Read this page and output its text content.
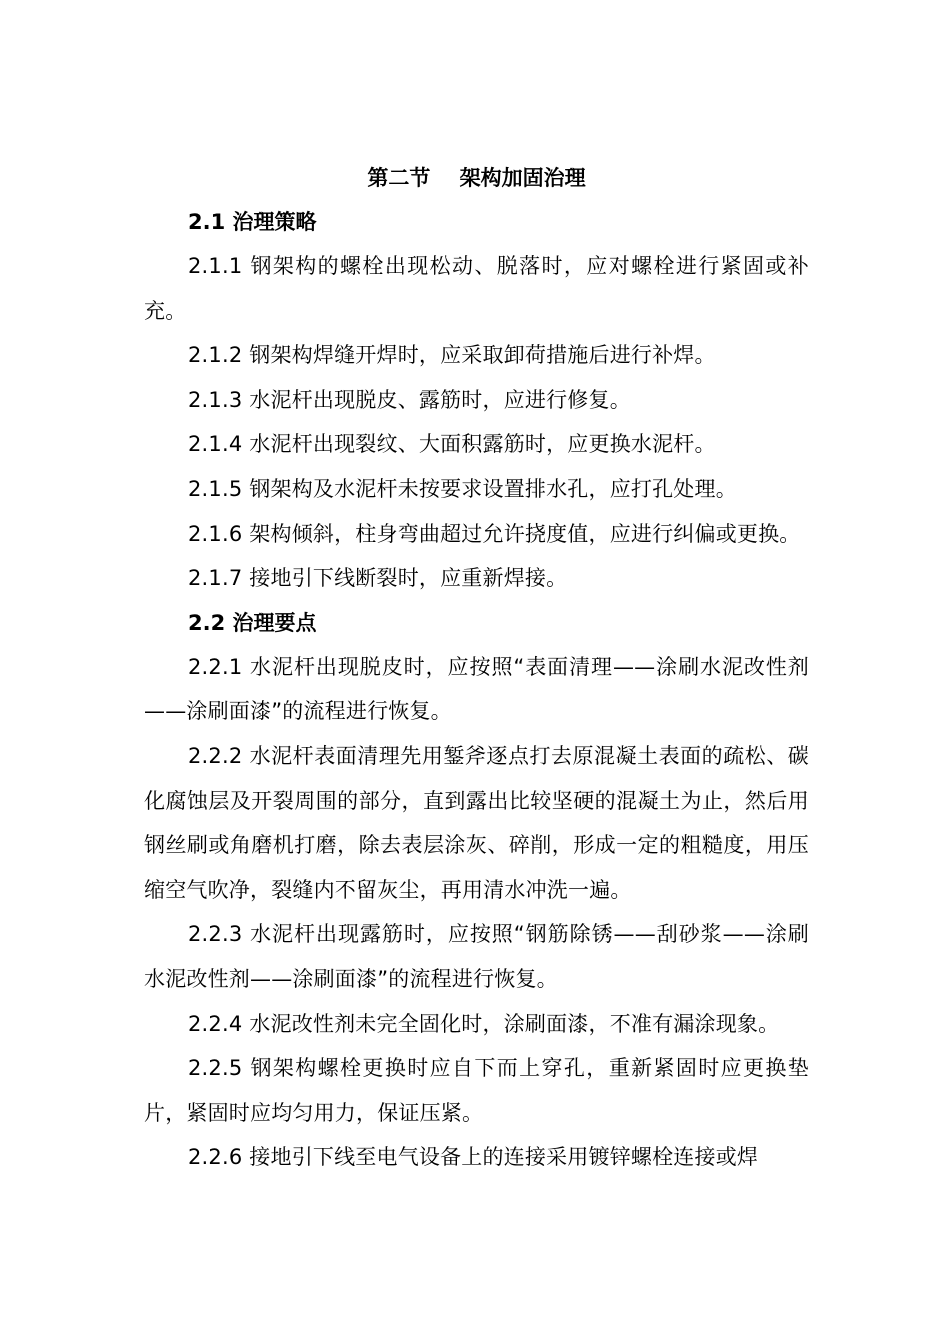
第二节    架构加固治理
2.1 治理策略

2.1.1 钢架构的螺栓出现松动、脱落时，应对螺栓进行紧固或补充。

2.1.2 钢架构焊缝开焊时，应采取卸荷措施后进行补焊。

2.1.3 水泥杆出现脱皮、露筋时，应进行修复。

2.1.4 水泥杆出现裂纹、大面积露筋时，应更换水泥杆。

2.1.5 钢架构及水泥杆未按要求设置排水孔，应打孔处理。

2.1.6 架构倾斜，柱身弯曲超过允许挠度值，应进行纠偏或更换。

2.1.7 接地引下线断裂时，应重新焊接。

2.2 治理要点

2.2.1 水泥杆出现脱皮时，应按照“表面清理——涂刷水泥改性剂——涂刷面漆”的流程进行恢复。

2.2.2 水泥杆表面清理先用錾斧逐点打去原混凝土表面的疏松、碳化腐蚀层及开裂周围的部分，直到露出比较坚硬的混凝土为止，然后用钢丝刷或角磨机打磨，除去表层涂灰、碎削，形成一定的粗糙度，用压缩空气吹净，裂缝内不留灰尘，再用清水冲洗一遍。

2.2.3 水泥杆出现露筋时，应按照“钢筋除锈——刮砂浆——涂刷水泥改性剂——涂刷面漆”的流程进行恢复。

2.2.4 水泥改性剂未完全固化时，涂刷面漆，不准有漏涂现象。

2.2.5 钢架构螺栓更换时应自下而上穿孔，重新紧固时应更换垫片，紧固时应均匀用力，保证压紧。

2.2.6 接地引下线至电气设备上的连接采用镀锌螺栓连接或焊
